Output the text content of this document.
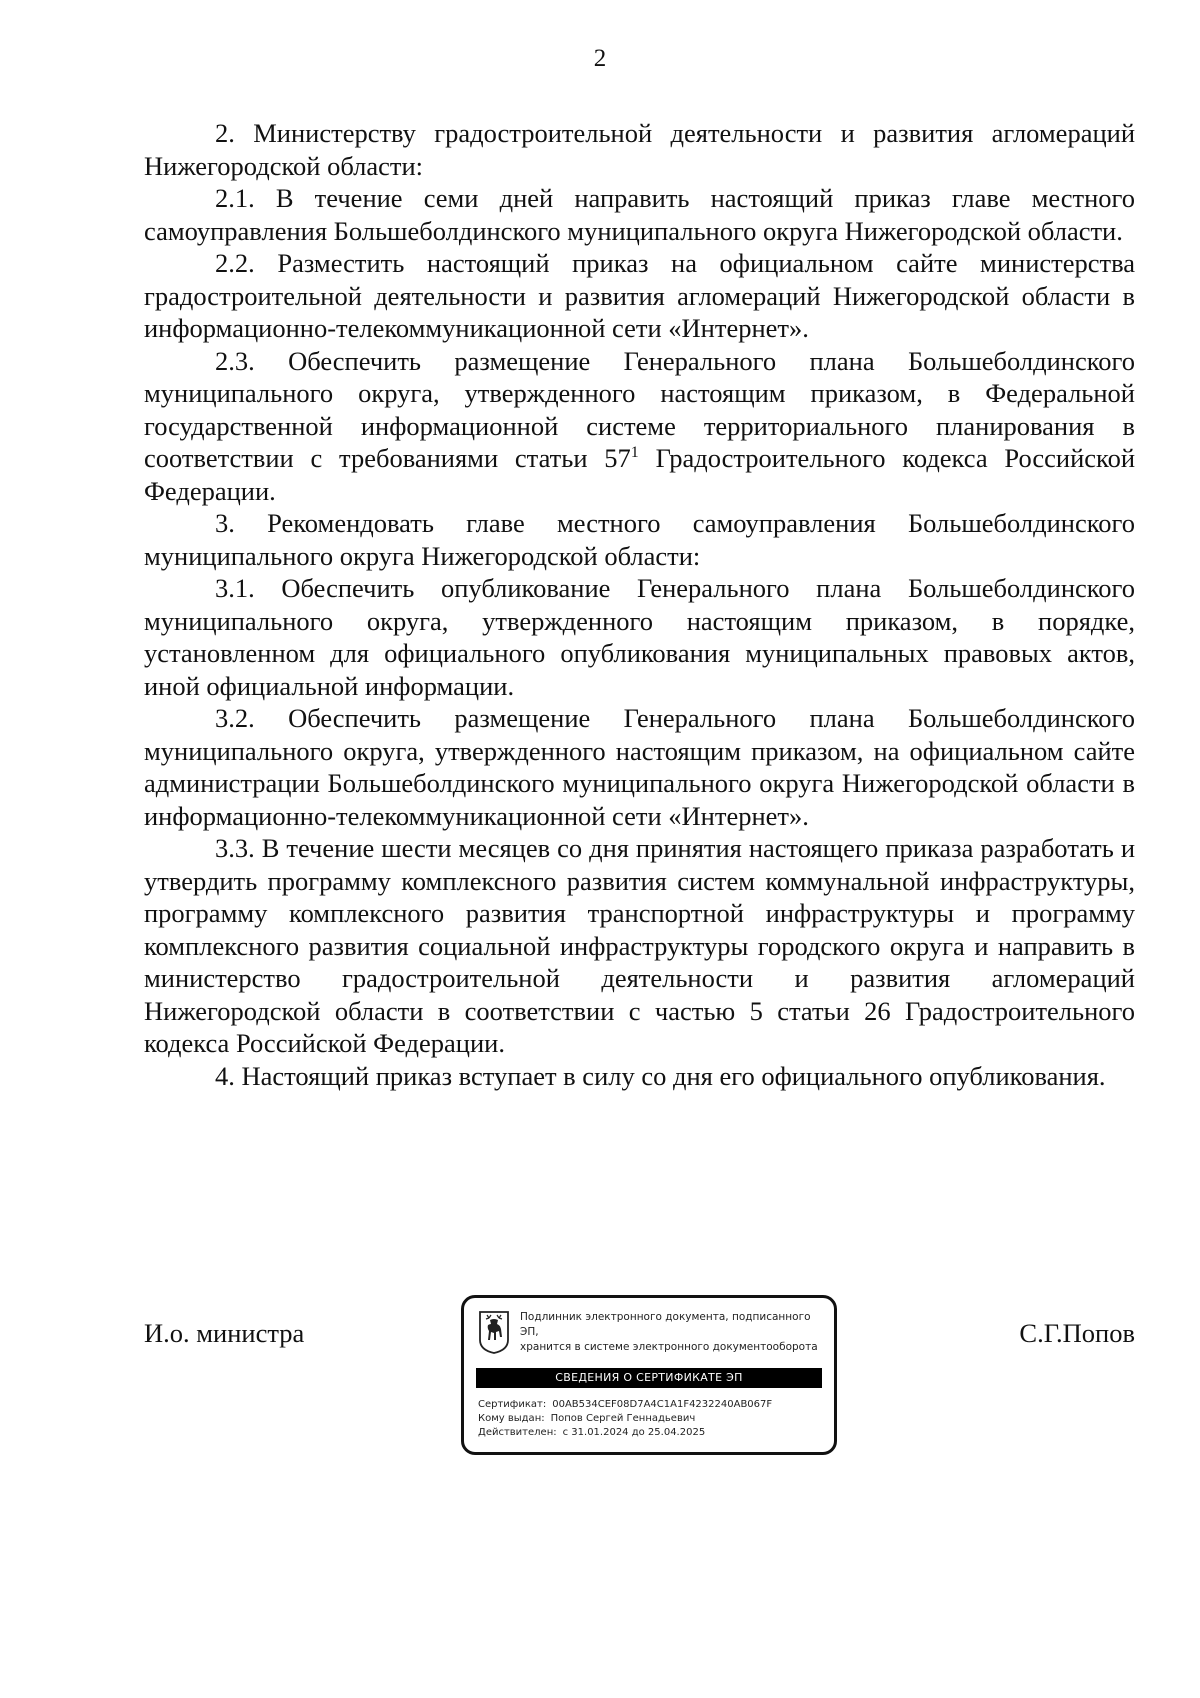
2

2. Министерству градостроительной деятельности и развития агломераций Нижегородской области:

2.1. В течение семи дней направить настоящий приказ главе местного самоуправления Большеболдинского муниципального округа Нижегородской области.

2.2. Разместить настоящий приказ на официальном сайте министерства градостроительной деятельности и развития агломераций Нижегородской области в информационно-телекоммуникационной сети «Интернет».

2.3. Обеспечить размещение Генерального плана Большеболдинского муниципального округа, утвержденного настоящим приказом, в Федеральной государственной информационной системе территориального планирования в соответствии с требованиями статьи $57^1$ Градостроительного кодекса Российской Федерации.

3. Рекомендовать главе местного самоуправления Большеболдинского муниципального округа Нижегородской области:

3.1. Обеспечить опубликование Генерального плана Большеболдинского муниципального округа, утвержденного настоящим приказом, в порядке, установленном для официального опубликования муниципальных правовых актов, иной официальной информации.

3.2. Обеспечить размещение Генерального плана Большеболдинского муниципального округа, утвержденного настоящим приказом, на официальном сайте администрации Большеболдинского муниципального округа Нижегородской области в информационно-телекоммуникационной сети «Интернет».

3.3. В течение шести месяцев со дня принятия настоящего приказа разработать и утвердить программу комплексного развития систем коммунальной инфраструктуры, программу комплексного развития транспортной инфраструктуры и программу комплексного развития социальной инфраструктуры городского округа и направить в министерство градостроительной деятельности и развития агломераций Нижегородской области в соответствии с частью 5 статьи 26 Градостроительного кодекса Российской Федерации.

4. Настоящий приказ вступает в силу со дня его официального опубликования.

И.о. министра
Подлинник электронного документа, подписанного ЭП,
хранится в системе электронного документооборота
СВЕДЕНИЯ О СЕРТИФИКАТЕ ЭП
Сертификат: 00AB534CEF08D7A4C1A1F4232240AB067F
Кому выдан: Попов Сергей Геннадьевич
Действителен: с 31.01.2024 до 25.04.2025
С.Г.Попов
